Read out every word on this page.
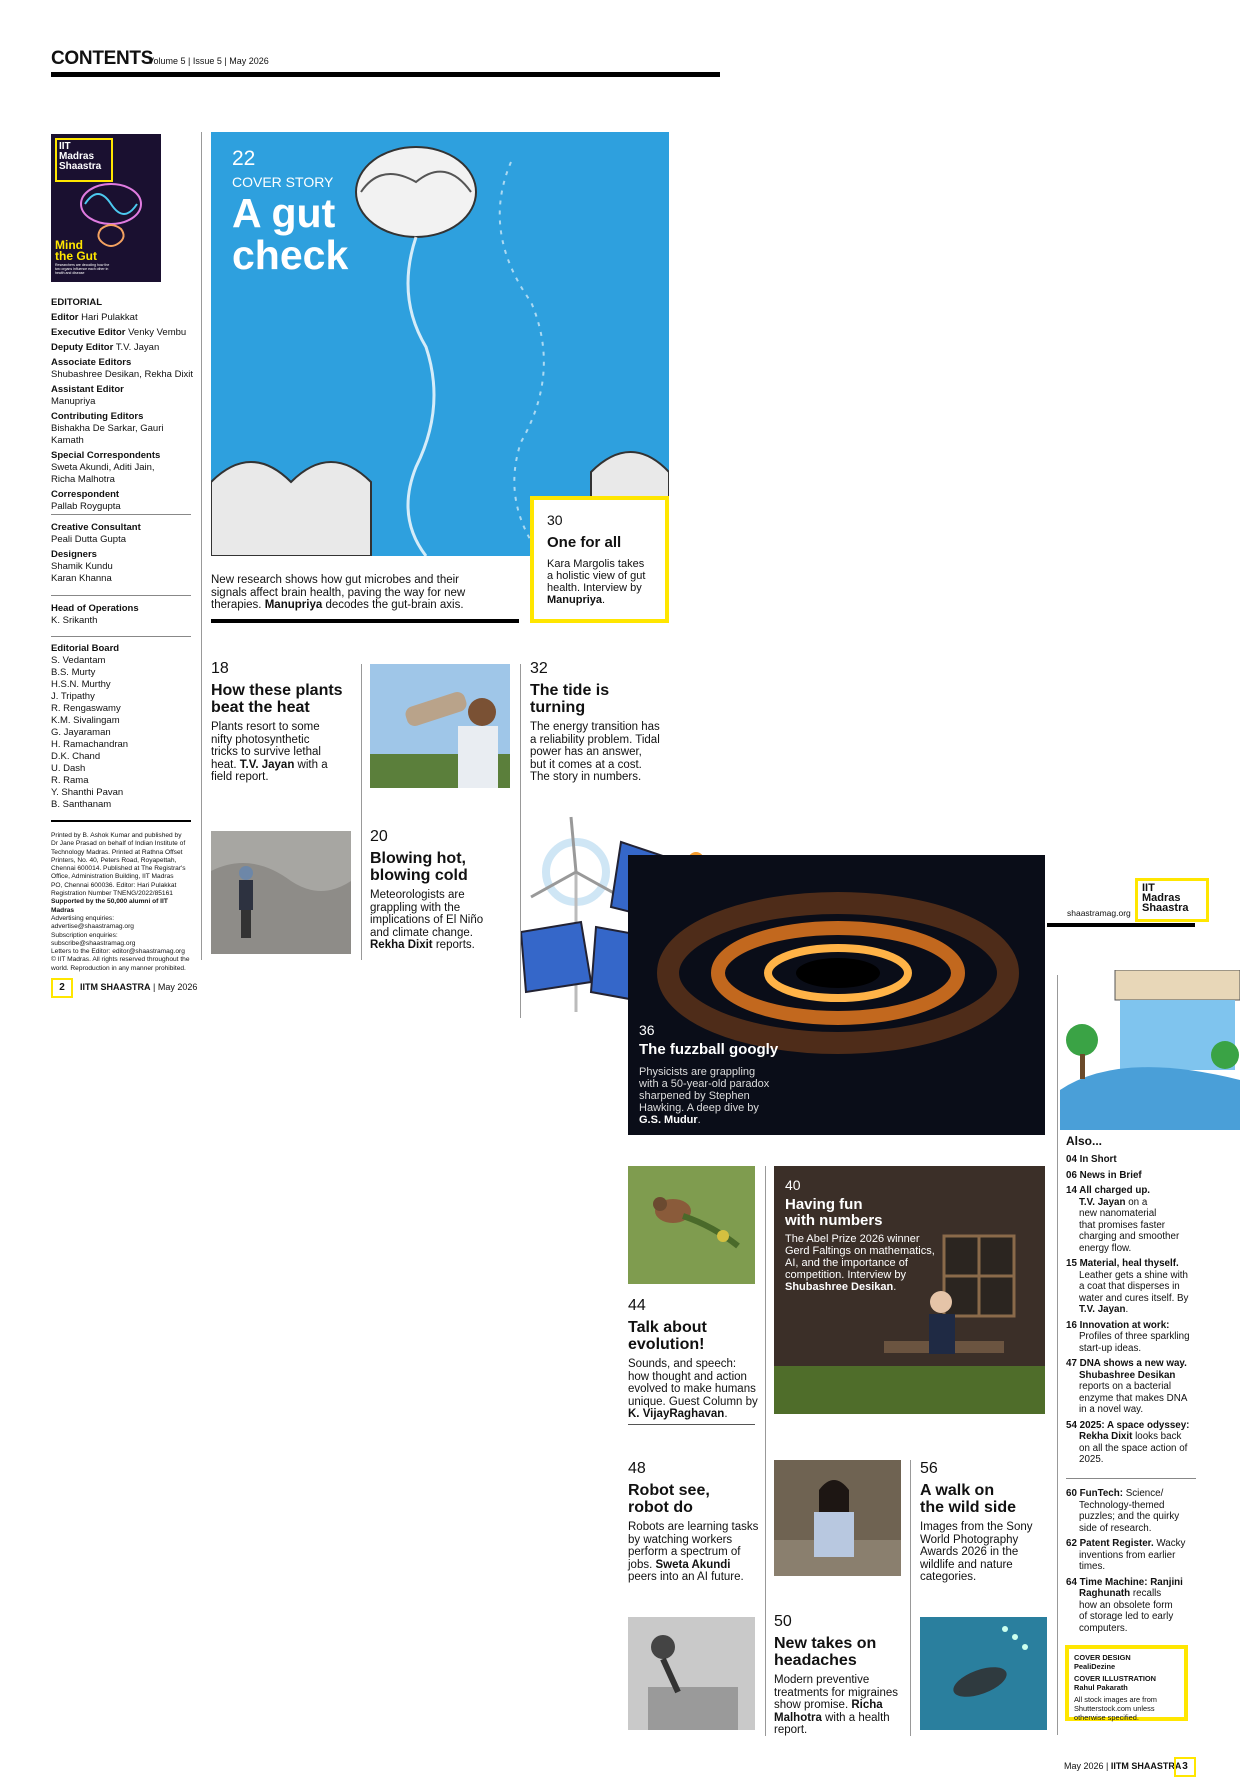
CONTENTS
Volume 5 | Issue 5 | May 2026
IIT
Madras
Shaastra
Mind
the Gut
Researchers are decoding how the two organs influence each other in health and disease
EDITORIAL
Editor Hari Pulakkat
Executive Editor Venky Vembu
Deputy Editor T.V. Jayan
Associate Editors
Shubashree Desikan, Rekha Dixit
Assistant Editor
Manupriya
Contributing Editors
Bishakha De Sarkar, Gauri Kamath
Special Correspondents
Sweta Akundi, Aditi Jain,
Richa Malhotra
Correspondent
Pallab Roygupta
Creative Consultant
Peali Dutta Gupta
Designers
Shamik Kundu
Karan Khanna
Head of Operations
K. Srikanth
Editorial Board
S. Vedantam
B.S. Murty
H.S.N. Murthy
J. Tripathy
R. Rengaswamy
K.M. Sivalingam
G. Jayaraman
H. Ramachandran
D.K. Chand
U. Dash
R. Rama
Y. Shanthi Pavan
B. Santhanam
Printed by B. Ashok Kumar and published by
Dr Jane Prasad on behalf of Indian Institute of
Technology Madras. Printed at Rathna Offset
Printers, No. 40, Peters Road, Royapettah,
Chennai 600014. Published at The Registrar's
Office, Administration Building, IIT Madras
PO, Chennai 600036. Editor: Hari Pulakkat
Registration Number TNENG/2022/85161
Supported by the 50,000 alumni of IIT Madras
Advertising enquiries: advertise@shaastramag.org
Subscription enquiries: subscribe@shaastramag.org
Letters to the Editor: editor@shaastramag.org
© IIT Madras. All rights reserved throughout the
world. Reproduction in any manner prohibited.
22
COVER STORY
A gut
check
New research shows how gut microbes and their
signals affect brain health, paving the way for new
therapies. Manupriya decodes the gut-brain axis.
30
One for all
Kara Margolis takes
a holistic view of gut
health. Interview by
Manupriya.
18
How these plants
beat the heat
Plants resort to some
nifty photosynthetic
tricks to survive lethal
heat. T.V. Jayan with a
field report.
20
Blowing hot,
blowing cold
Meteorologists are
grappling with the
implications of El Niño
and climate change.
Rekha Dixit reports.
32
The tide is
turning
The energy transition has
a reliability problem. Tidal
power has an answer,
but it comes at a cost.
The story in numbers.
36
The fuzzball googly
Physicists are grappling
with a 50-year-old paradox
sharpened by Stephen
Hawking. A deep dive by
G.S. Mudur.
2	IITM SHAASTRA | May 2026
IIT
Madras
Shaastra
shaastramag.org
Also...

04 In Short

06 News in Brief

14 All charged up.
T.V. Jayan on a
new nanomaterial
that promises faster
charging and smoother
energy flow.

15 Material, heal thyself.
Leather gets a shine with
a coat that disperses in
water and cures itself. By
T.V. Jayan.

16 Innovation at work:
Profiles of three sparkling
start-up ideas.

47 DNA shows a new way.
Shubashree Desikan
reports on a bacterial
enzyme that makes DNA
in a novel way.

54 2025: A space odyssey:
Rekha Dixit looks back
on all the space action of
2025.

60 FunTech: Science/
Technology-themed
puzzles; and the quirky
side of research.

62 Patent Register. Wacky
inventions from earlier
times.

64 Time Machine: Ranjini
Raghunath recalls
how an obsolete form
of storage led to early
computers.

COVER DESIGN
PealiDezine
COVER ILLUSTRATION
Rahul Pakarath
All stock images are from
Shutterstock.com unless
otherwise specified.
44
Talk about
evolution!
Sounds, and speech:
how thought and action
evolved to make humans
unique. Guest Column by
K. VijayRaghavan.
40
Having fun
with numbers
The Abel Prize 2026 winner
Gerd Faltings on mathematics,
AI, and the importance of
competition. Interview by
Shubashree Desikan.
48
Robot see,
robot do
Robots are learning tasks
by watching workers
perform a spectrum of
jobs. Sweta Akundi
peers into an AI future.
50
New takes on
headaches
Modern preventive
treatments for migraines
show promise. Richa
Malhotra with a health
report.
56
A walk on
the wild side
Images from the Sony
World Photography
Awards 2026 in the
wildlife and nature
categories.
May 2026 | IITM SHAASTRA 3
